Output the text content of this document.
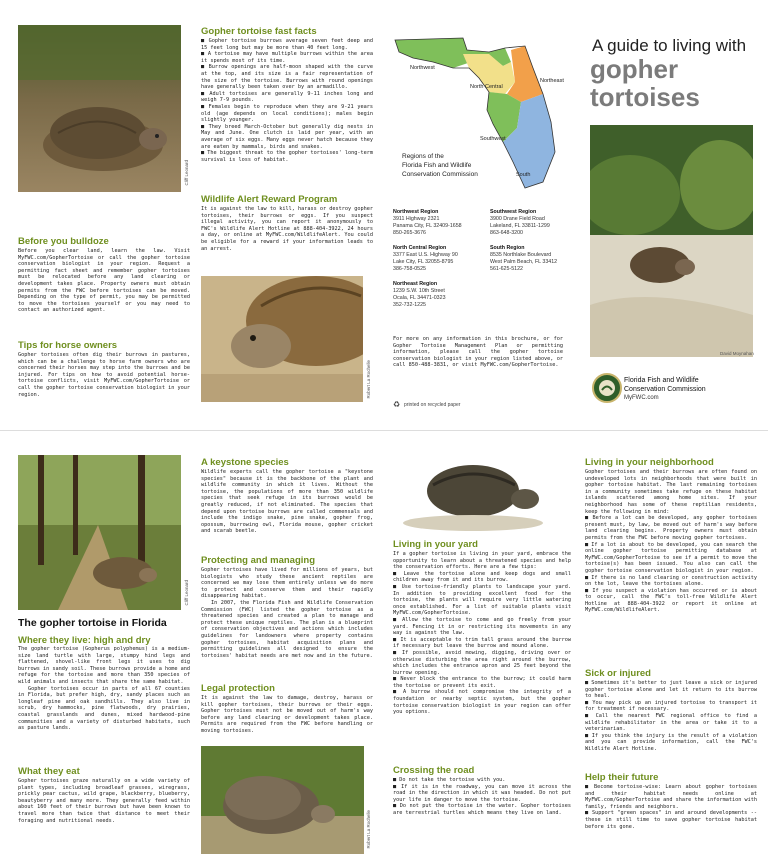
Cliff Leonard
Before you bulldoze
Before you clear land, learn the law. Visit MyFWC.com/GopherTortoise or call the gopher tortoise conservation biologist in your region. Request a permitting fact sheet and remember gopher tortoises must be relocated before any land clearing or development takes place. Property owners must obtain permits from the FWC before tortoises can be moved. Depending on the type of permit, you may be permitted to move the tortoises yourself or you may need to contact an authorized agent.
Tips for horse owners
Gopher tortoises often dig their burrows in pastures, which can be a challenge to horse farm owners who are concerned their horses may step into the burrows and be injured. For tips on how to avoid potential horse-tortoise conflicts, visit MyFWC.com/GopherTortoise or call the gopher tortoise conservation biologist in your region.
Gopher tortoise fast facts
■ Gopher tortoise burrows average seven feet deep and 15 feet long but may be more than 40 feet long.
■ A tortoise may have multiple burrows within the area it spends most of its time.
■ Burrow openings are half-moon shaped with the curve at the top, and its size is a fair representation of the size of the tortoise. Burrows with round openings have generally been taken over by an armadillo.
■ Adult tortoises are generally 9-11 inches long and weigh 7-9 pounds.
■ Females begin to reproduce when they are 9-21 years old (age depends on local conditions); males begin slightly younger.
■ They breed March-October but generally dig nests in May and June. One clutch is laid per year, with an average of six eggs. Many eggs never hatch because they are eaten by mammals, birds and snakes.
■ The biggest threat to the gopher tortoises' long-term survival is loss of habitat.
Wildlife Alert Reward Program
It is against the law to kill, harass or destroy gopher tortoises, their burrows or eggs. If you suspect illegal activity, you can report it anonymously to FWC's Wildlife Alert Hotline at 888-404-3922, 24 hours a day, or online at MyFWC.com/WildlifeAlert. You could be eligible for a reward if your information leads to an arrest.
Robert La Rochelle
Northwest
North Central
Northeast
Southwest
South
Regions of the
Florida Fish and Wildlife
Conservation Commission
Northwest Region
3911 Highway 2321
Panama City, FL 32409-1658
850-265-3676
Southwest Region
3900 Drane Field Road
Lakeland, FL 33811-1299
863-648-3200
North Central Region
3377 East U.S. Highway 90
Lake City, FL 32055-8795
386-758-0525
South Region
8535 Northlake Boulevard
West Palm Beach, FL 33412
561-625-5122
Northeast Region
1239 S.W. 10th Street
Ocala, FL 34471-0323
352-732-1225
For more on any information in this brochure, or for Gopher Tortoise Management Plan or permitting information, please call the gopher tortoise conservation biologist in your region listed above, or call 850-488-3831, or visit MyFWC.com/GopherTortoise.
♻ printed on recycled paper
A guide to living with
gopher
tortoises
David Moynahan
Florida Fish and Wildlife
Conservation Commission
MyFWC.com
Cliff Leonard
The gopher tortoise in Florida
Where they live: high and dry
The gopher tortoise (Gopherus polyphemus) is a medium-size land turtle with large, stumpy hind legs and flattened, shovel-like front legs it uses to dig burrows in sandy soil. These burrows provide a home and refuge for the tortoise and more than 350 species of wild animals and insects that share the same habitat.
Gopher tortoises occur in parts of all 67 counties in Florida, but prefer high, dry, sandy places such as longleaf pine and oak sandhills. They also live in scrub, dry hammocks, pine flatwoods, dry prairies, coastal grasslands and dunes, mixed hardwood-pine communities and a variety of disturbed habitats, such as pasture lands.
What they eat
Gopher tortoises graze naturally on a wide variety of plant types, including broadleaf grasses, wiregrass, prickly pear cactus, wild grape, blackberry, blueberry, beautyberry and many more. They generally feed within about 160 feet of their burrows but have been known to travel more than twice that distance to meet their foraging and nutritional needs.
A keystone species
Wildlife experts call the gopher tortoise a "keystone species" because it is the backbone of the plant and wildlife community in which it lives. Without the tortoise, the populations of more than 350 wildlife species that seek refuge in its burrows would be greatly reduced, if not eliminated. The species that depend upon tortoise burrows are called commensals and include the indigo snake, pine snake, gopher frog, opossum, burrowing owl, Florida mouse, gopher cricket and scarab beetle.
Protecting and managing
Gopher tortoises have lived for millions of years, but biologists who study these ancient reptiles are concerned we may lose them entirely unless we do more to protect and conserve them and their rapidly disappearing habitat.
In 2007, the Florida Fish and Wildlife Conservation Commission (FWC) listed the gopher tortoise as a threatened species and created a plan to manage and protect these unique reptiles. The plan is a blueprint of conservation objectives and actions which includes guidelines for landowners where property contains gopher tortoises, habitat acquisition plans and permitting guidelines all designed to ensure the tortoises' habitat needs are met now and in the future.
Legal protection
It is against the law to damage, destroy, harass or kill gopher tortoises, their burrows or their eggs. Gopher tortoises must not be moved out of harm's way before any land clearing or development takes place. Permits are required from the FWC before handling or moving tortoises.
Robert La Rochelle
Living in your yard
If a gopher tortoise is living in your yard, embrace the opportunity to learn about a threatened species and help the conservation efforts. Here are a few tips:
■ Leave the tortoise alone and keep dogs and small children away from it and its burrow.
■ Use tortoise-friendly plants to landscape your yard. In addition to providing excellent food for the tortoise, the plants will require very little watering once established. For a list of suitable plants visit MyFWC.com/GopherTortoise.
■ Allow the tortoise to come and go freely from your yard. Fencing it in or restricting its movements in any way is against the law.
■ It is acceptable to trim tall grass around the burrow if necessary but leave the burrow and mound alone.
■ If possible, avoid mowing, digging, driving over or otherwise disturbing the area right around the burrow, which includes the entrance apron and 25 feet beyond the burrow opening.
■ Never block the entrance to the burrow; it could harm the tortoise or prevent its exit.
■ A burrow should not compromise the integrity of a foundation or nearby septic system, but the gopher tortoise conservation biologist in your region can offer you options.
Crossing the road
■ Do not take the tortoise with you.
■ If it is in the roadway, you can move it across the road in the direction in which it was headed. Do not put your life in danger to move the tortoise.
■ Do not put the tortoise in the water. Gopher tortoises are terrestrial turtles which means they live on land.
Living in your neighborhood
Gopher tortoises and their burrows are often found on undeveloped lots in neighborhoods that were built in gopher tortoise habitat. The last remaining tortoises in a community sometimes take refuge on these habitat islands scattered among home sites. If your neighborhood has some of these reptilian residents, keep the following in mind:
■ Before a lot can be developed, any gopher tortoises present must, by law, be moved out of harm's way before land clearing begins. Property owners must obtain permits from the FWC before moving gopher tortoises.
■ If a lot is about to be developed, you can search the online gopher tortoise permitting database at MyFWC.com/GopherTortoise to see if a permit to move the tortoise(s) has been issued. You also can call the gopher tortoise conservation biologist in your region.
■ If there is no land clearing or construction activity on the lot, leave the tortoises alone.
■ If you suspect a violation has occurred or is about to occur, call the FWC's toll-free Wildlife Alert Hotline at 888-404-3922 or report it online at MyFWC.com/WildlifeAlert.
Sick or injured
■ Sometimes it's better to just leave a sick or injured gopher tortoise alone and let it return to its burrow to heal.
■ You may pick up an injured tortoise to transport it for treatment if necessary.
■ Call the nearest FWC regional office to find a wildlife rehabilitator in the area or take it to a veterinarian.
■ If you think the injury is the result of a violation and you can provide information, call the FWC's Wildlife Alert Hotline.
Help their future
■ Become tortoise-wise: Learn about gopher tortoises and their habitat needs online at MyFWC.com/GopherTortoise and share the information with family, friends and neighbors.
■ Support "green spaces" in and around developments -- these in still time to save gopher tortoise habitat before its gone.
